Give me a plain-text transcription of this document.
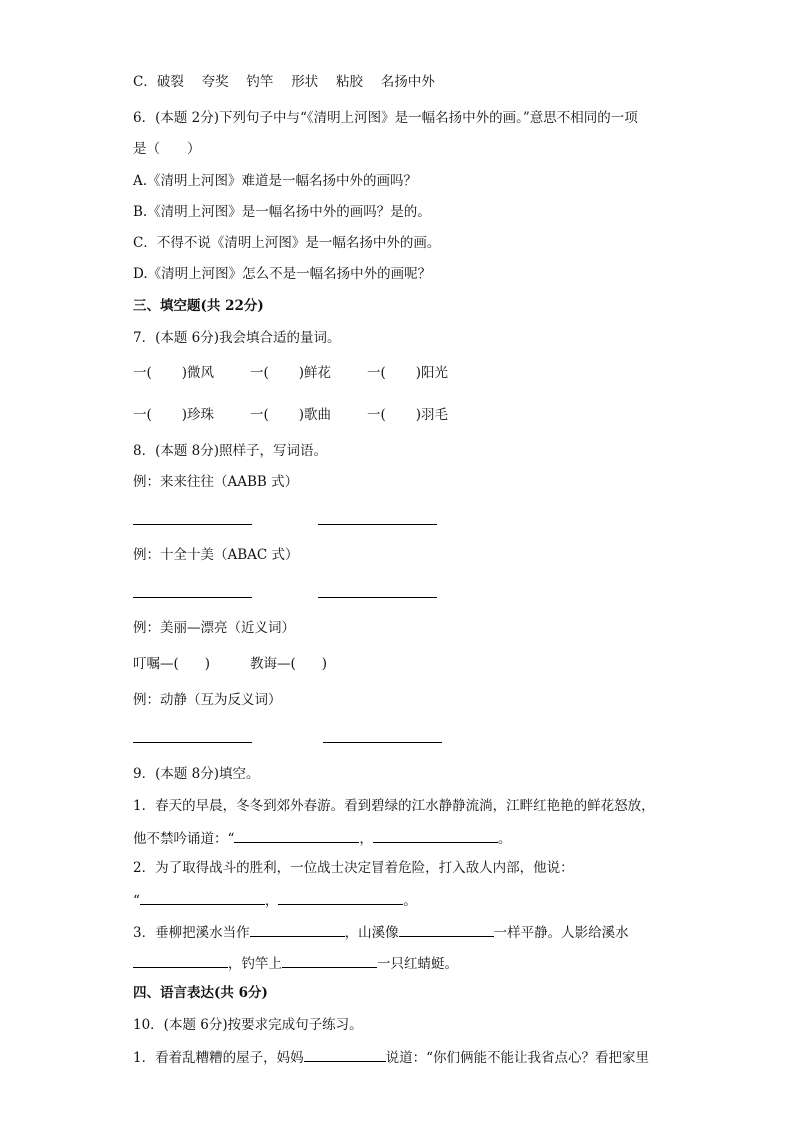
C．破裂　 夸奖　 钓竿　 形状　 粘胶　 名扬中外
6．(本题 2分)下列句子中与“《清明上河图》是一幅名扬中外的画。”意思不相同的一项
是（　　）
A.《清明上河图》难道是一幅名扬中外的画吗？
B.《清明上河图》是一幅名扬中外的画吗？是的。
C．不得不说《清明上河图》是一幅名扬中外的画。
D.《清明上河图》怎么不是一幅名扬中外的画呢？
三、填空题(共 22分)
7．(本题 6分)我会填合适的量词。
一( )微风	一( )鲜花	一( )阳光
一( )珍珠	一( )歌曲	一( )羽毛
8．(本题 8分)照样子，写词语。
例：来来往往（AABB 式）
例：十全十美（ABAC 式）
例：美丽—漂亮（近义词）
叮嘱—( )	教诲—( )
例：动静（互为反义词）
9．(本题 8分)填空。
1．春天的早晨，冬冬到郊外春游。看到碧绿的江水静静流淌，江畔红艳艳的鲜花怒放，
他不禁吟诵道：“	，	。
2．为了取得战斗的胜利，一位战士决定冒着危险，打入敌人内部，他说：
“	，	。
3．垂柳把溪水当作	，山溪像	一样平静。人影给溪水
，钓竿上	一只红蜻蜓。
四、语言表达(共 6分)
10．(本题 6分)按要求完成句子练习。
1．看着乱糟糟的屋子，妈妈	说道：“你们俩能不能让我省点心？看把家里
